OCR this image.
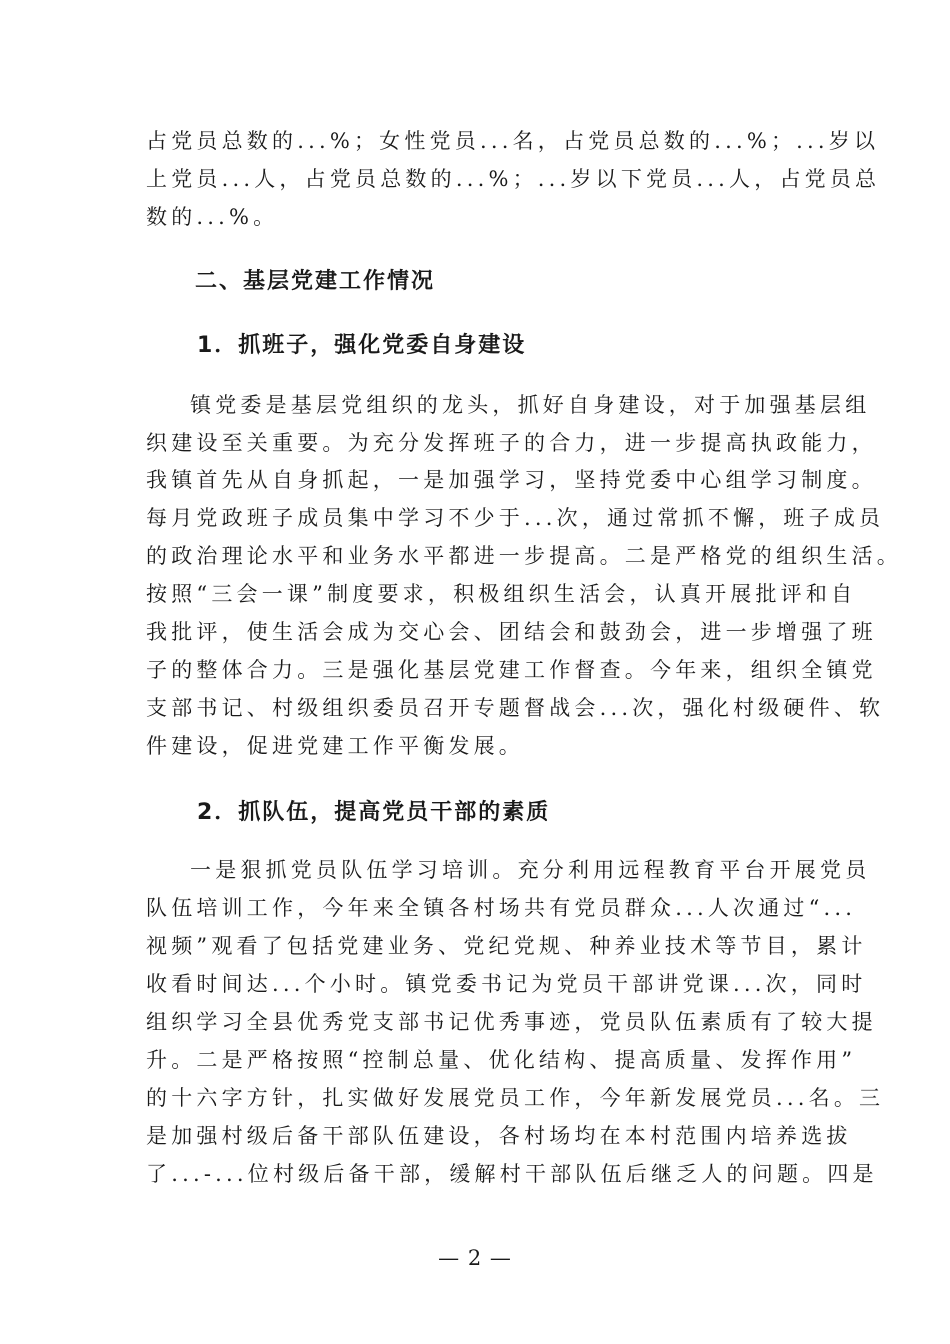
占党员总数的...%；女性党员...名，占党员总数的...%；...岁以
上党员...人，占党员总数的...%；...岁以下党员...人，占党员总
数的...%。
二、基层党建工作情况
1．抓班子，强化党委自身建设
镇党委是基层党组织的龙头，抓好自身建设，对于加强基层组
织建设至关重要。为充分发挥班子的合力，进一步提高执政能力，
我镇首先从自身抓起，一是加强学习，坚持党委中心组学习制度。
每月党政班子成员集中学习不少于...次，通过常抓不懈，班子成员
的政治理论水平和业务水平都进一步提高。二是严格党的组织生活。
按照“三会一课”制度要求，积极组织生活会，认真开展批评和自
我批评，使生活会成为交心会、团结会和鼓劲会，进一步增强了班
子的整体合力。三是强化基层党建工作督查。今年来，组织全镇党
支部书记、村级组织委员召开专题督战会...次，强化村级硬件、软
件建设，促进党建工作平衡发展。
2．抓队伍，提高党员干部的素质
一是狠抓党员队伍学习培训。充分利用远程教育平台开展党员
队伍培训工作，今年来全镇各村场共有党员群众...人次通过“...
视频”观看了包括党建业务、党纪党规、种养业技术等节目，累计
收看时间达...个小时。镇党委书记为党员干部讲党课...次，同时
组织学习全县优秀党支部书记优秀事迹，党员队伍素质有了较大提
升。二是严格按照“控制总量、优化结构、提高质量、发挥作用”
的十六字方针，扎实做好发展党员工作，今年新发展党员...名。三
是加强村级后备干部队伍建设，各村场均在本村范围内培养选拔
了...-...位村级后备干部，缓解村干部队伍后继乏人的问题。四是
— 2 —
